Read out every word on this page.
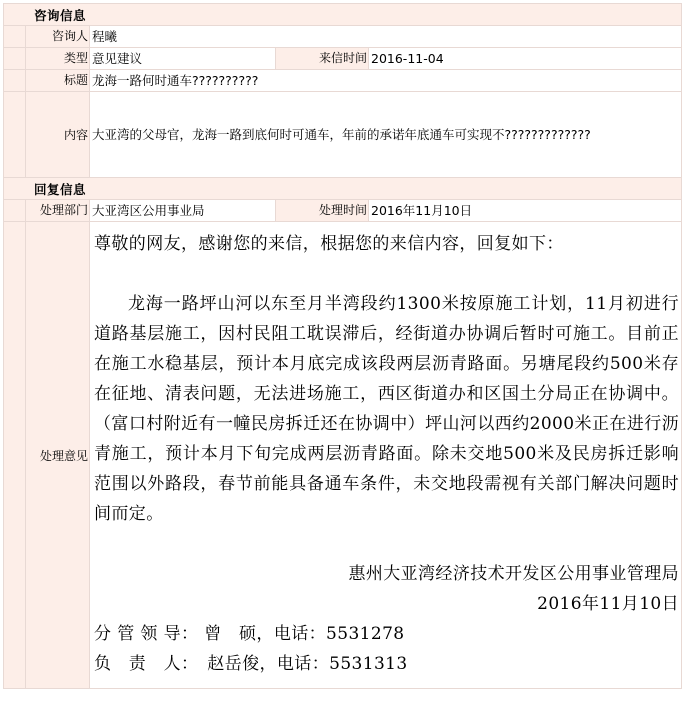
咨询信息				
	咨询人	程曦		
	类型	意见建议	来信时间	2016-11-04
	标题	龙海一路何时通车??????????		
	内容	大亚湾的父母官，龙海一路到底何时可通车，年前的承诺年底通车可实现不?????????????		
回复信息				
	处理部门	大亚湾区公用事业局	处理时间	2016年11月10日
	处理意见	

尊敬的网友，感谢您的来信，根据您的来信内容，回复如下：

龙海一路坪山河以东至月半湾段约1300米按原施工计划，11月初进行道路基层施工，因村民阻工耽误滞后，经街道办协调后暂时可施工。目前正在施工水稳基层，预计本月底完成该段两层沥青路面。另塘尾段约500米存在征地、清表问题，无法进场施工，西区街道办和区国土分局正在协调中。（富口村附近有一幢民房拆迁还在协调中）坪山河以西约2000米正在进行沥青施工，预计本月下旬完成两层沥青路面。除未交地500米及民房拆迁影响范围以外路段，春节前能具备通车条件，未交地段需视有关部门解决问题时间而定。

惠州大亚湾经济技术开发区公用事业管理局

2016年11月10日

分 管 领 导： 曾　硕，电话：5531278

负　责　人：　赵岳俊，电话：5531313
